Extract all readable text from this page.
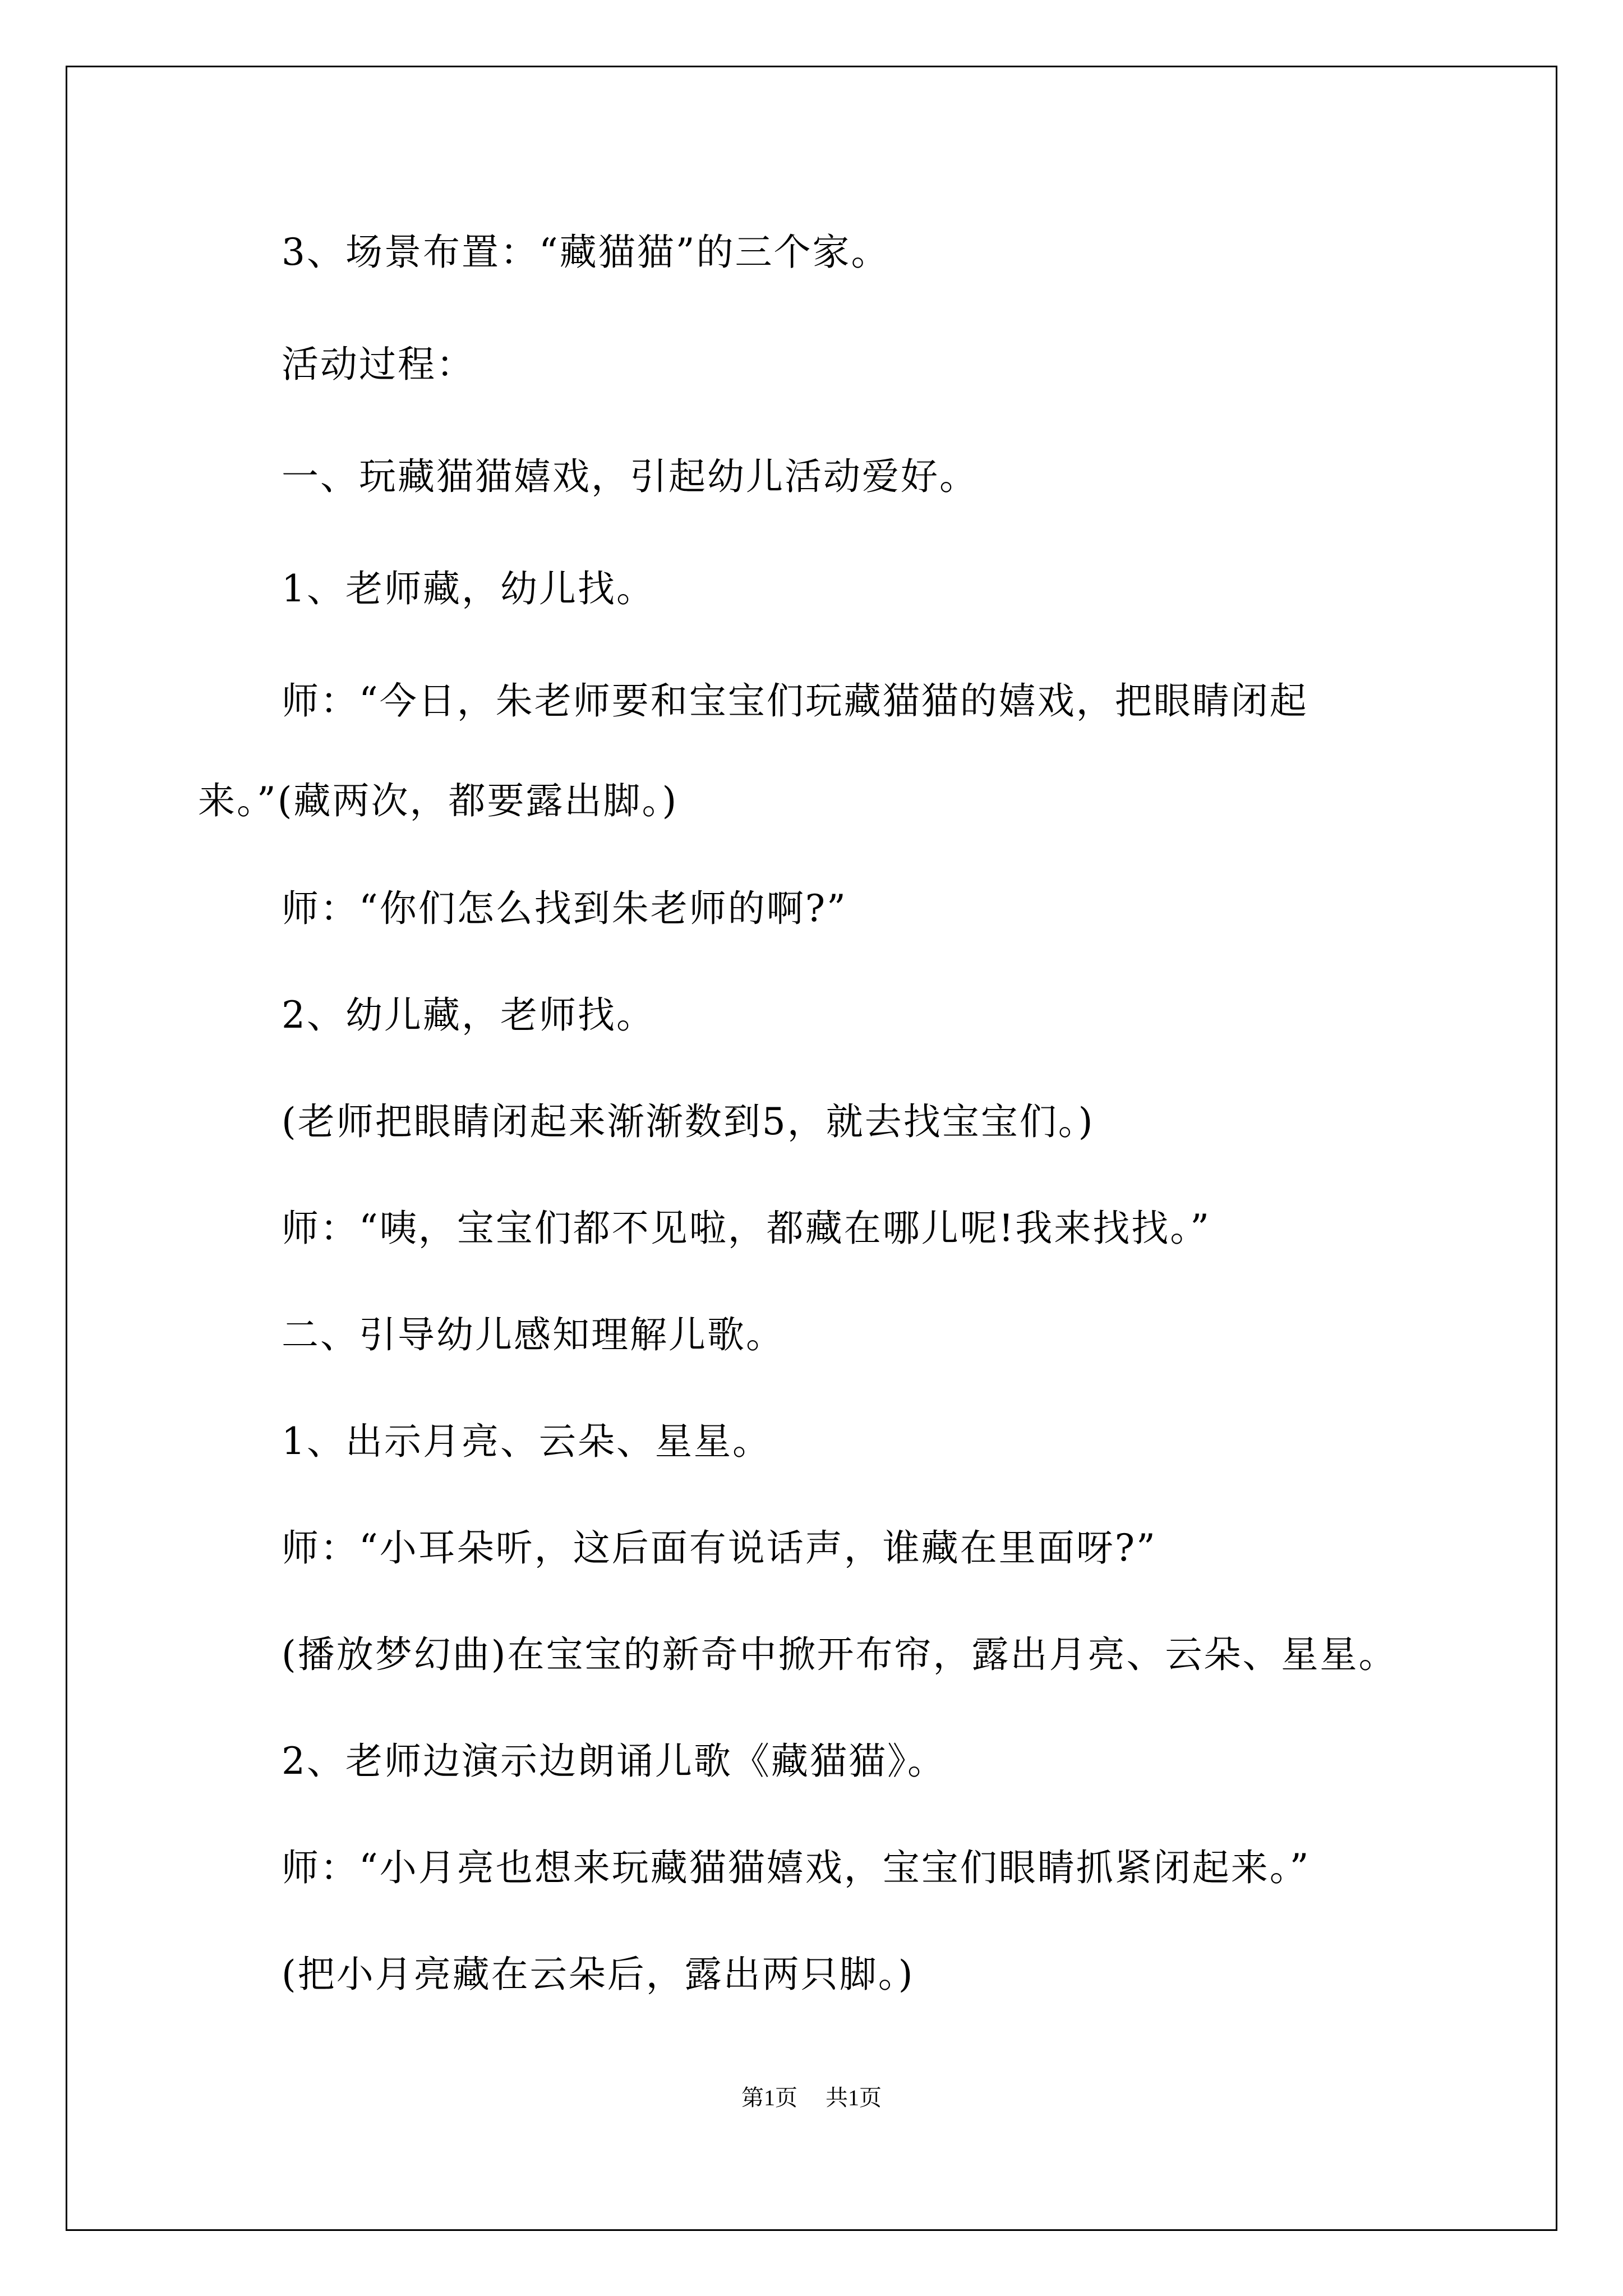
3、场景布置：“藏猫猫”的三个家。
活动过程：
一、玩藏猫猫嬉戏，引起幼儿活动爱好。
1、老师藏，幼儿找。
师：“今日，朱老师要和宝宝们玩藏猫猫的嬉戏，把眼睛闭起
来。”(藏两次，都要露出脚。)
师：“你们怎么找到朱老师的啊?”
2、幼儿藏，老师找。
(老师把眼睛闭起来渐渐数到5，就去找宝宝们。)
师：“咦，宝宝们都不见啦，都藏在哪儿呢!我来找找。”
二、引导幼儿感知理解儿歌。
1、出示月亮、云朵、星星。
师：“小耳朵听，这后面有说话声，谁藏在里面呀?”
(播放梦幻曲)在宝宝的新奇中掀开布帘，露出月亮、云朵、星星。
2、老师边演示边朗诵儿歌《藏猫猫》。
师：“小月亮也想来玩藏猫猫嬉戏，宝宝们眼睛抓紧闭起来。”
(把小月亮藏在云朵后，露出两只脚。)
第1页 共1页
